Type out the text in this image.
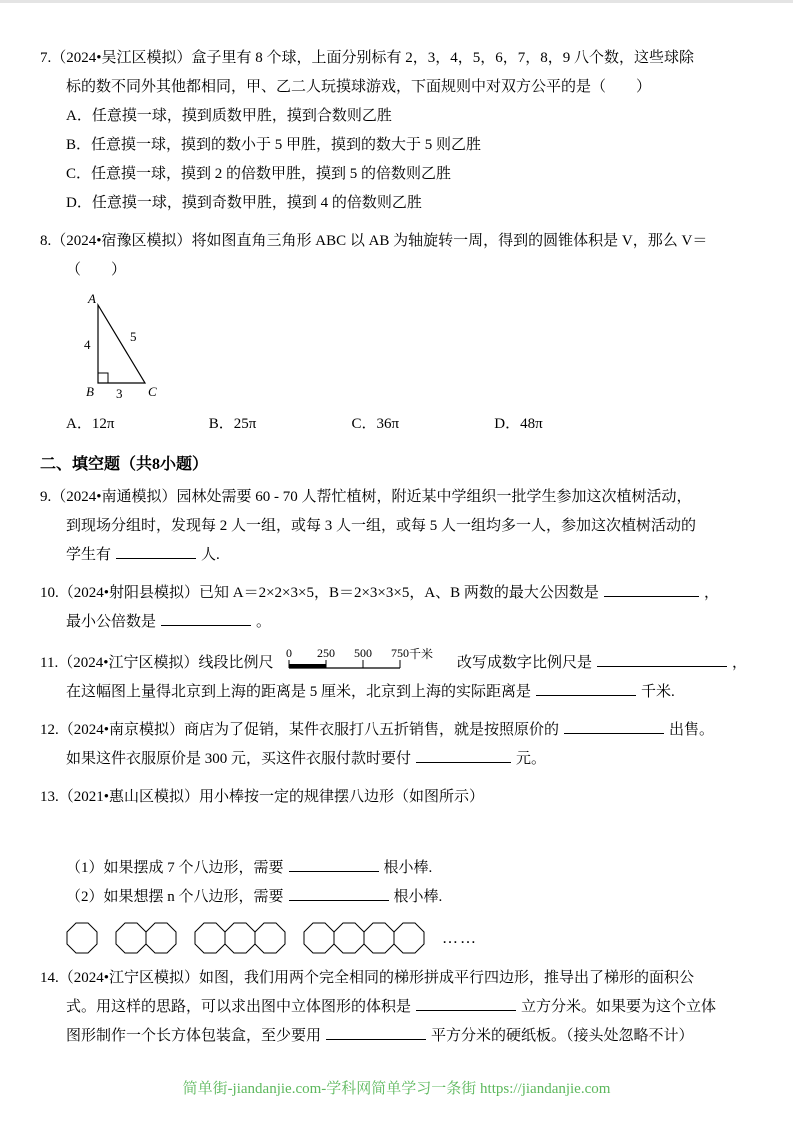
7.（2024•吴江区模拟）盒子里有 8 个球，上面分别标有 2，3，4，5，6，7，8，9 八个数，这些球除
标的数不同外其他都相同，甲、乙二人玩摸球游戏，下面规则中对双方公平的是（　　）
A．任意摸一球，摸到质数甲胜，摸到合数则乙胜
B．任意摸一球，摸到的数小于 5 甲胜，摸到的数大于 5 则乙胜
C．任意摸一球，摸到 2 的倍数甲胜，摸到 5 的倍数则乙胜
D．任意摸一球，摸到奇数甲胜，摸到 4 的倍数则乙胜
8.（2024•宿豫区模拟）将如图直角三角形 ABC 以 AB 为轴旋转一周，得到的圆锥体积是 V，那么 V＝
（　　）
A
4
B 3 C
5
A．12π	B．25π	C．36π	D．48π
二、填空题（共8小题）
9.（2024•南通模拟）园林处需要 60 - 70 人帮忙植树，附近某中学组织一批学生参加这次植树活动，
到现场分组时，发现每 2 人一组，或每 3 人一组，或每 5 人一组均多一人，参加这次植树活动的
学生有	人.
10.（2024•射阳县模拟）已知 A＝2×2×3×5，B＝2×3×3×5，A、B 两数的最大公因数是	，
最小公倍数是	。
11.（2024•江宁区模拟）线段比例尺
0 250 500 750 千米
改写成数字比例尺是	，
在这幅图上量得北京到上海的距离是 5 厘米，北京到上海的实际距离是	千米.
12.（2024•南京模拟）商店为了促销，某件衣服打八五折销售，就是按照原价的	出售。
如果这件衣服原价是 300 元，买这件衣服付款时要付	元。
13.（2021•惠山区模拟）用小棒按一定的规律摆八边形（如图所示）
（1）如果摆成 7 个八边形，需要	根小棒.
（2）如果想摆 n 个八边形，需要	根小棒.
……
14.（2024•江宁区模拟）如图，我们用两个完全相同的梯形拼成平行四边形，推导出了梯形的面积公
式。用这样的思路，可以求出图中立体图形的体积是	立方分米。如果要为这个立体
图形制作一个长方体包装盒，至少要用	平方分米的硬纸板。（接头处忽略不计）
简单街-jiandanjie.com-学科网简单学习一条街 https://jiandanjie.com
